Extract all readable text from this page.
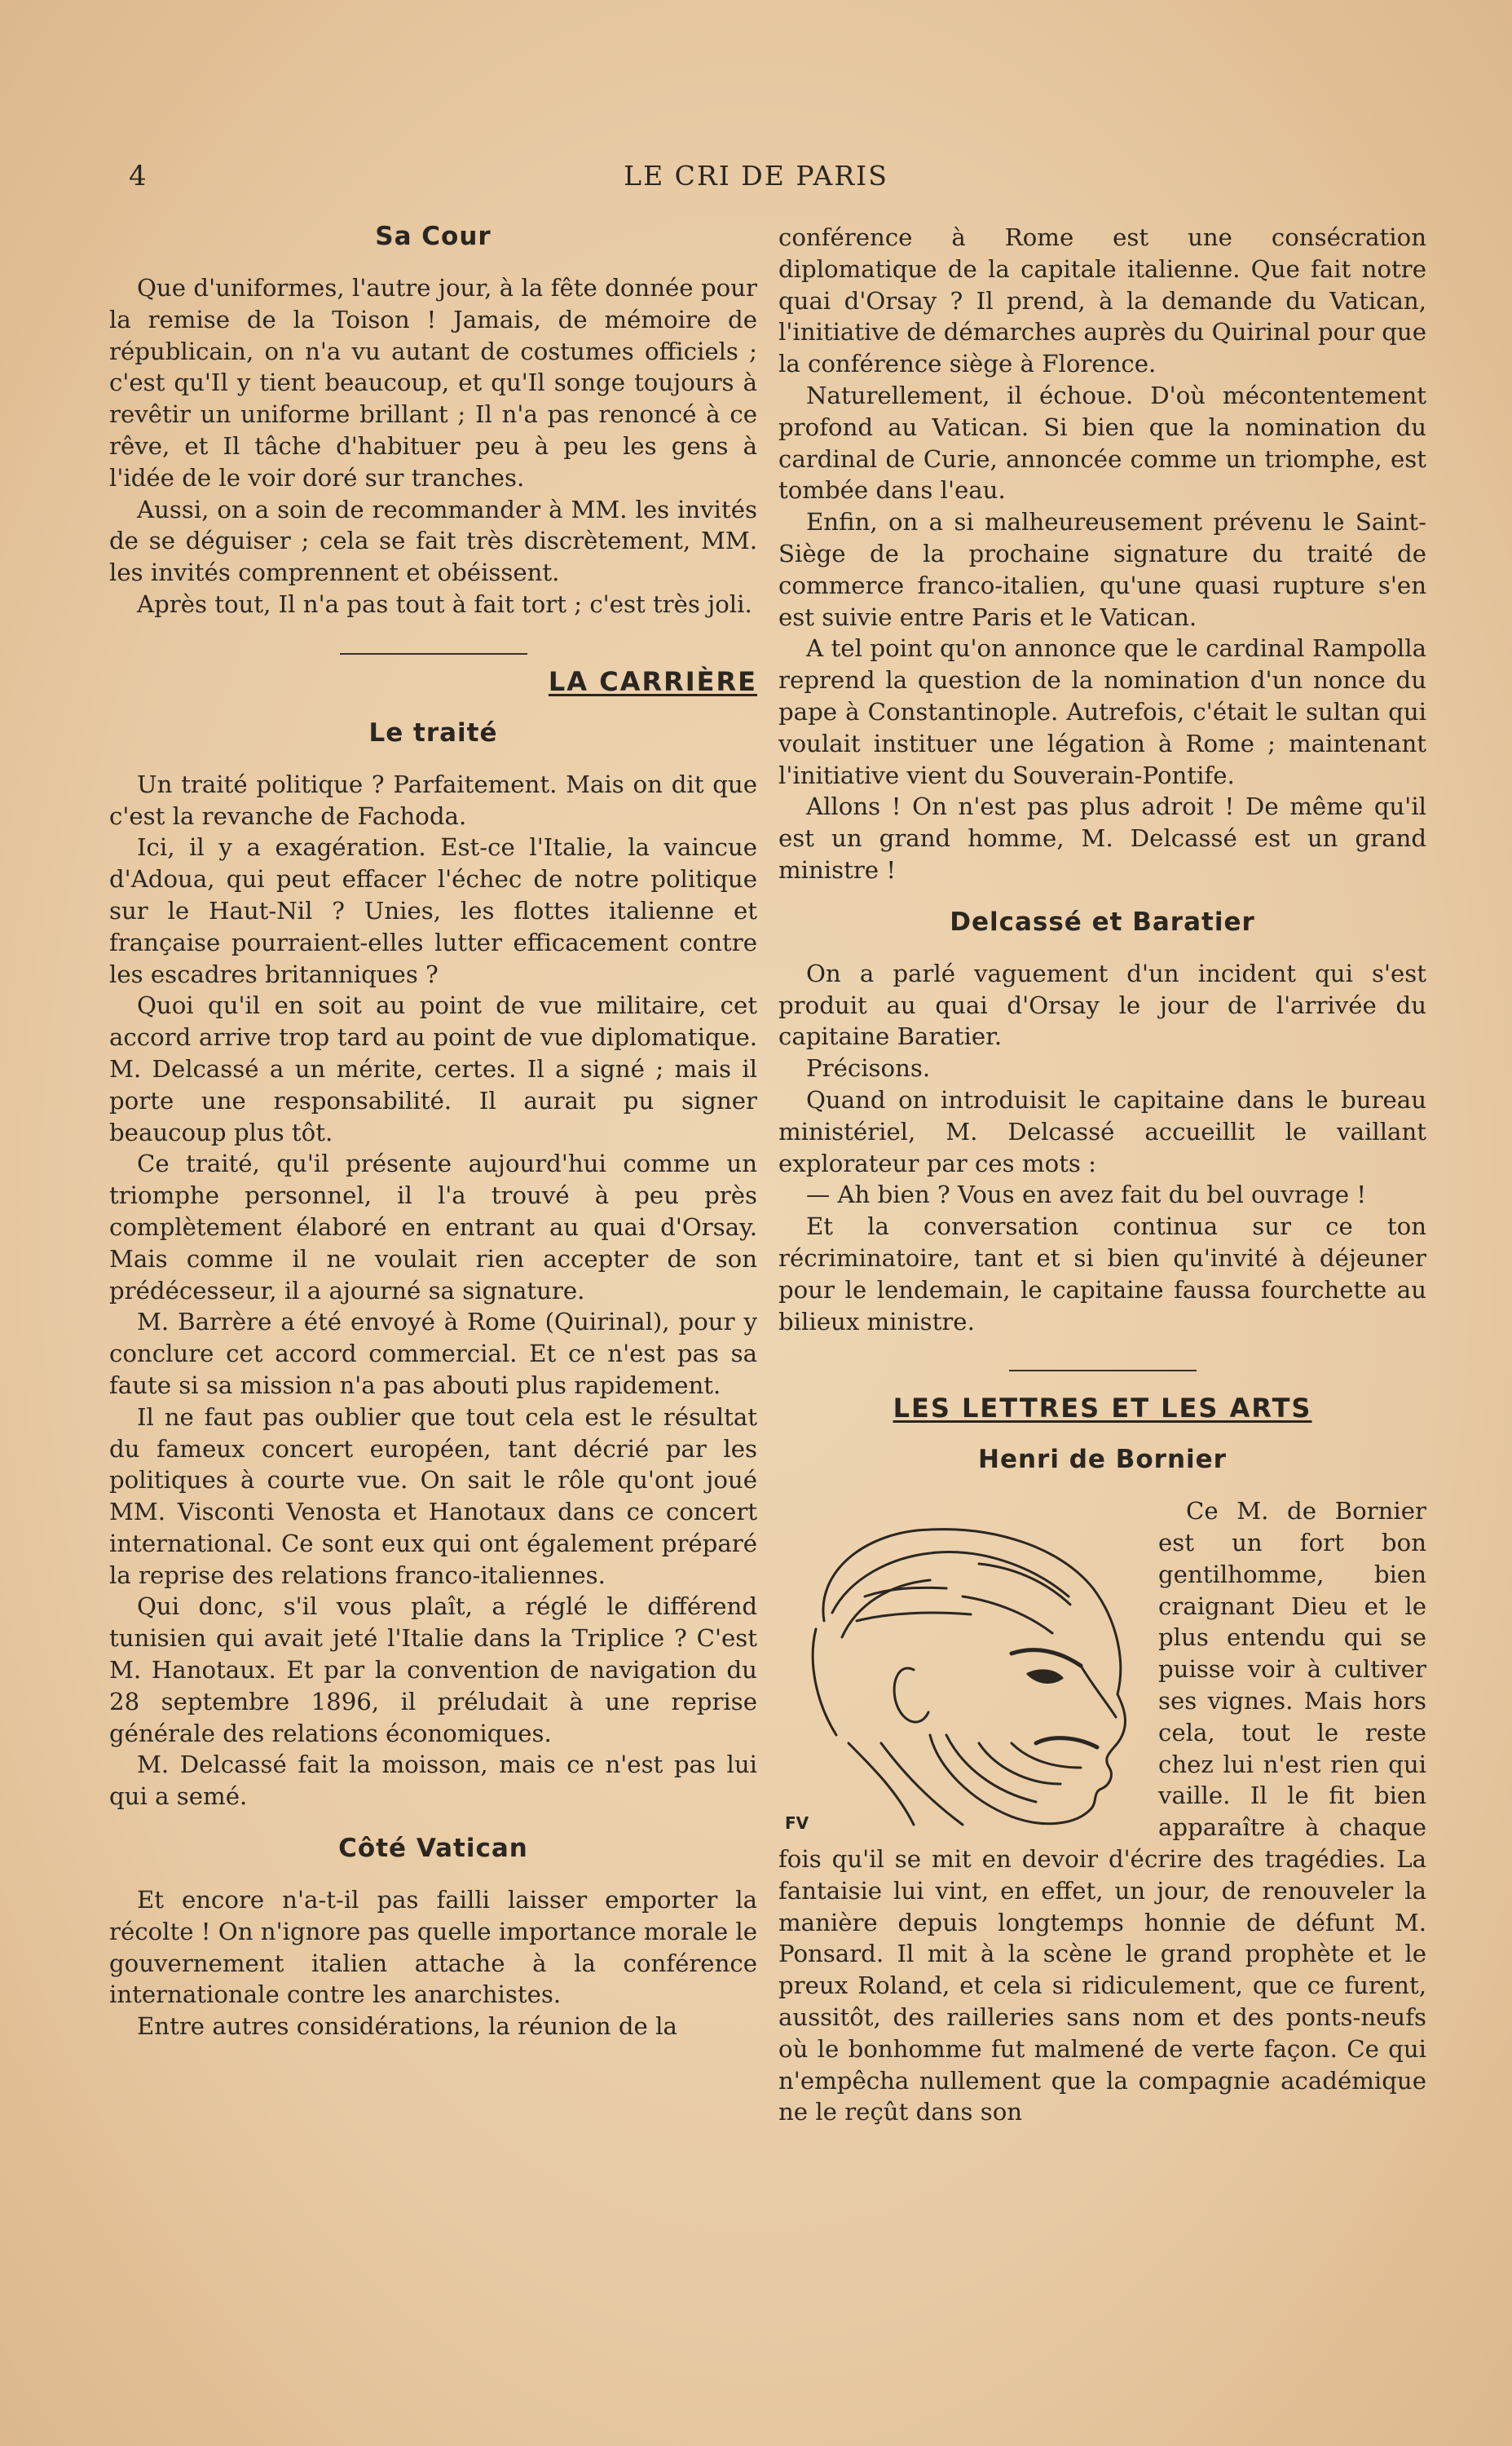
4	LE CRI DE PARIS
Sa Cour

Que d'uniformes, l'autre jour, à la fête donnée pour la remise de la Toison ! Jamais, de mémoire de républicain, on n'a vu autant de costumes officiels ; c'est qu'Il y tient beaucoup, et qu'Il songe toujours à revêtir un uniforme brillant ; Il n'a pas renoncé à ce rêve, et Il tâche d'habituer peu à peu les gens à l'idée de le voir doré sur tranches.

Aussi, on a soin de recommander à MM. les invités de se déguiser ; cela se fait très discrètement, MM. les invités comprennent et obéissent.

Après tout, Il n'a pas tout à fait tort ; c'est très joli.

LA CARRIÈRE
Le traité

Un traité politique ? Parfaitement. Mais on dit que c'est la revanche de Fachoda.

Ici, il y a exagération. Est-ce l'Italie, la vaincue d'Adoua, qui peut effacer l'échec de notre politique sur le Haut-Nil ? Unies, les flottes italienne et française pourraient-elles lutter efficacement contre les escadres britanniques ?

Quoi qu'il en soit au point de vue militaire, cet accord arrive trop tard au point de vue diplomatique. M. Delcassé a un mérite, certes. Il a signé ; mais il porte une responsabilité. Il aurait pu signer beaucoup plus tôt.

Ce traité, qu'il présente aujourd'hui comme un triomphe personnel, il l'a trouvé à peu près complètement élaboré en entrant au quai d'Orsay. Mais comme il ne voulait rien accepter de son prédécesseur, il a ajourné sa signature.

M. Barrère a été envoyé à Rome (Quirinal), pour y conclure cet accord commercial. Et ce n'est pas sa faute si sa mission n'a pas abouti plus rapidement.

Il ne faut pas oublier que tout cela est le résultat du fameux concert européen, tant décrié par les politiques à courte vue. On sait le rôle qu'ont joué MM. Visconti Venosta et Hanotaux dans ce concert international. Ce sont eux qui ont également préparé la reprise des relations franco-italiennes.

Qui donc, s'il vous plaît, a réglé le différend tunisien qui avait jeté l'Italie dans la Triplice ? C'est M. Hanotaux. Et par la convention de navigation du 28 septembre 1896, il préludait à une reprise générale des relations économiques.

M. Delcassé fait la moisson, mais ce n'est pas lui qui a semé.

Côté Vatican

Et encore n'a-t-il pas failli laisser emporter la récolte ! On n'ignore pas quelle importance morale le gouvernement italien attache à la conférence internationale contre les anarchistes.

Entre autres considérations, la réunion de la

conférence à Rome est une consécration diplomatique de la capitale italienne. Que fait notre quai d'Orsay ? Il prend, à la demande du Vatican, l'initiative de démarches auprès du Quirinal pour que la conférence siège à Florence.

Naturellement, il échoue. D'où mécontentement profond au Vatican. Si bien que la nomination du cardinal de Curie, annoncée comme un triomphe, est tombée dans l'eau.

Enfin, on a si malheureusement prévenu le Saint-Siège de la prochaine signature du traité de commerce franco-italien, qu'une quasi rupture s'en est suivie entre Paris et le Vatican.

A tel point qu'on annonce que le cardinal Rampolla reprend la question de la nomination d'un nonce du pape à Constantinople. Autrefois, c'était le sultan qui voulait instituer une légation à Rome ; maintenant l'initiative vient du Souverain-Pontife.

Allons ! On n'est pas plus adroit ! De même qu'il est un grand homme, M. Delcassé est un grand ministre !

Delcassé et Baratier

On a parlé vaguement d'un incident qui s'est produit au quai d'Orsay le jour de l'arrivée du capitaine Baratier.

Précisons.

Quand on introduisit le capitaine dans le bureau ministériel, M. Delcassé accueillit le vaillant explorateur par ces mots :

— Ah bien ? Vous en avez fait du bel ouvrage !

Et la conversation continua sur ce ton récriminatoire, tant et si bien qu'invité à déjeuner pour le lendemain, le capitaine faussa fourchette au bilieux ministre.

LES LETTRES ET LES ARTS
Henri de Bornier
FV

Ce M. de Bornier est un fort bon gentilhomme, bien craignant Dieu et le plus entendu qui se puisse voir à cultiver ses vignes. Mais hors cela, tout le reste chez lui n'est rien qui vaille. Il le fit bien apparaître à chaque fois qu'il se mit en devoir d'écrire des tragédies. La fantaisie lui vint, en effet, un jour, de renouveler la manière depuis longtemps honnie de défunt M. Ponsard. Il mit à la scène le grand prophète et le preux Roland, et cela si ridiculement, que ce furent, aussitôt, des railleries sans nom et des ponts-neufs où le bonhomme fut malmené de verte façon. Ce qui n'empêcha nullement que la compagnie académique ne le reçût dans son
